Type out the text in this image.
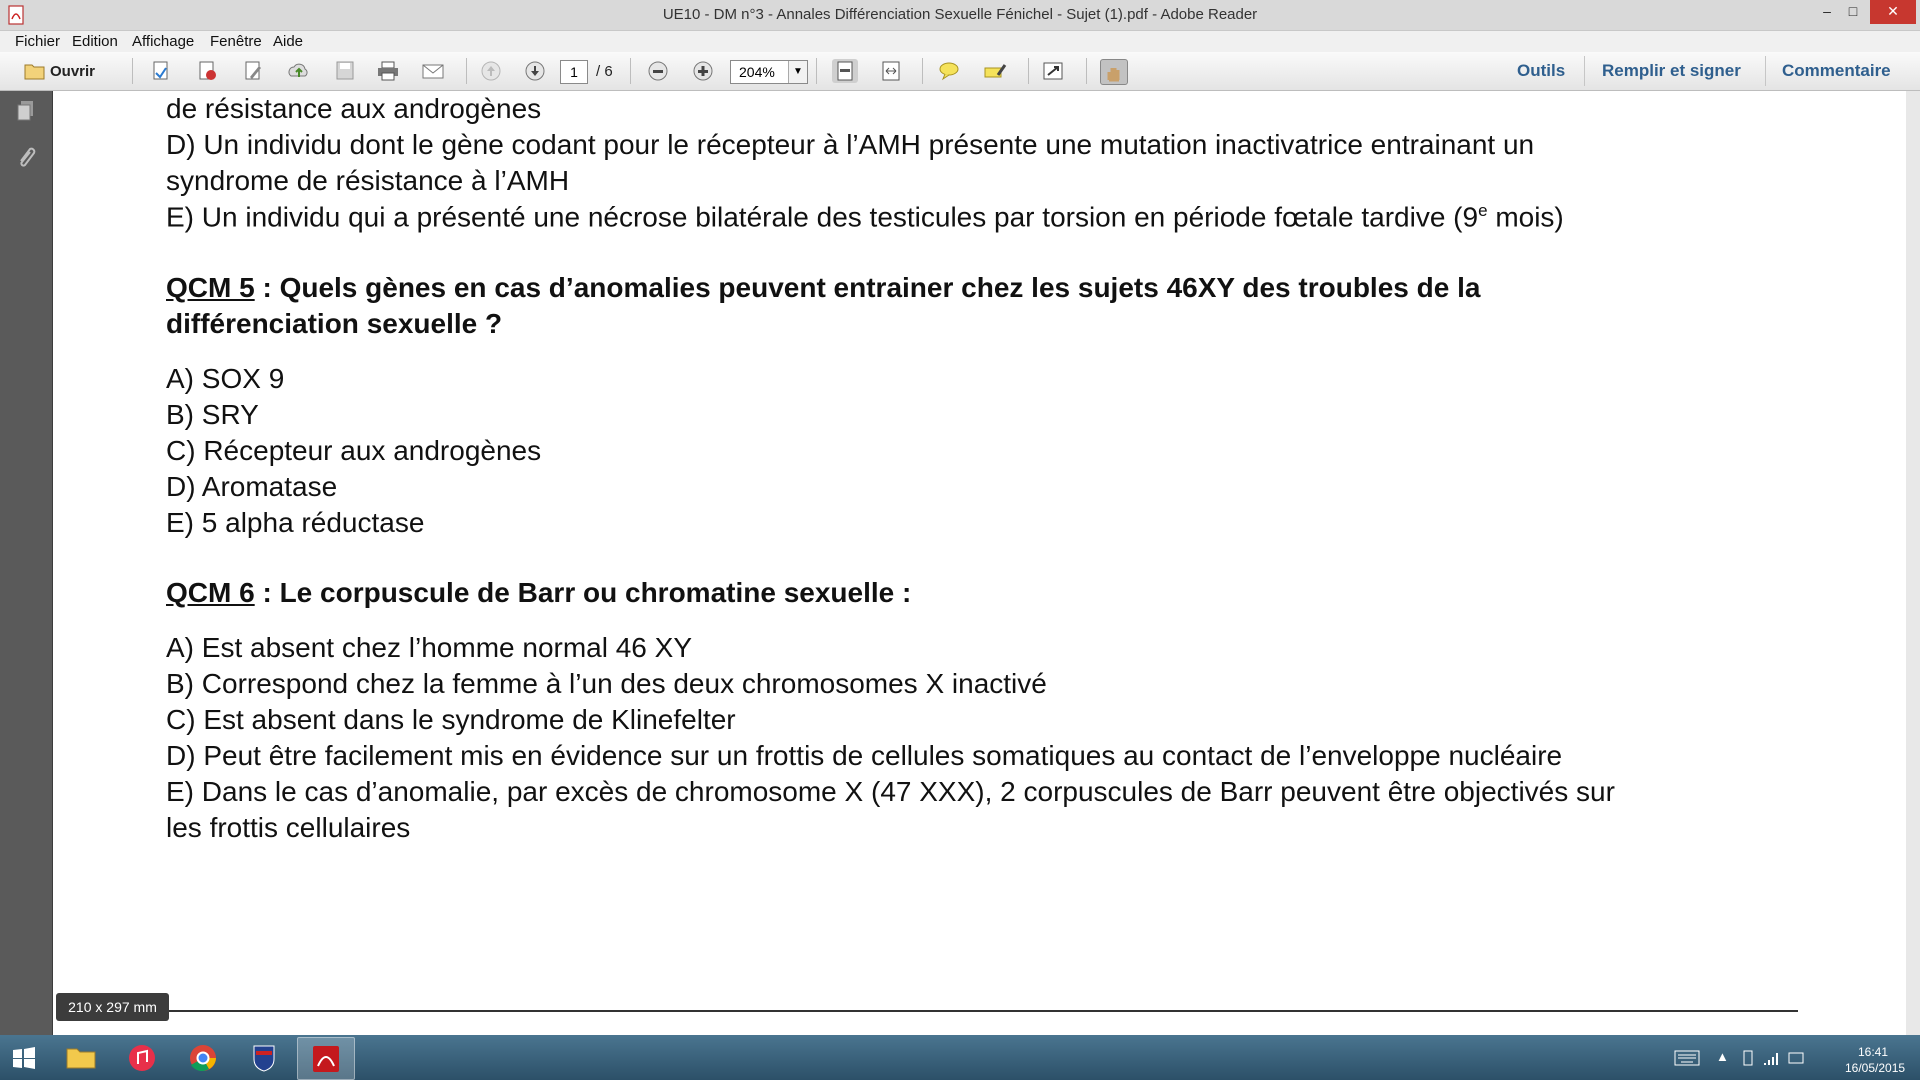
UE10 - DM n°3 - Annales Différenciation Sexuelle Fénichel - Sujet (1).pdf - Adobe Reader	–	□	✕
Fichier Edition Affichage Fenêtre Aide
Ouvrir	1	/ 6	204%	▼	Outils Remplir et signer Commentaire
de résistance aux androgènes
D) Un individu dont le gène codant pour le récepteur à l’AMH présente une mutation inactivatrice entrainant un
syndrome de résistance à l’AMH
E) Un individu qui a présenté une nécrose bilatérale des testicules par torsion en période fœtale tardive (9e mois)
QCM 5 : Quels gènes en cas d’anomalies peuvent entrainer chez les sujets 46XY des troubles de la
différenciation sexuelle ?
A) SOX 9
B) SRY
C) Récepteur aux androgènes
D) Aromatase
E) 5 alpha réductase
QCM 6 : Le corpuscule de Barr ou chromatine sexuelle :
A) Est absent chez l’homme normal 46 XY
B) Correspond chez la femme à l’un des deux chromosomes X inactivé
C) Est absent dans le syndrome de Klinefelter
D) Peut être facilement mis en évidence sur un frottis de cellules somatiques au contact de l’enveloppe nucléaire
E) Dans le cas d’anomalie, par excès de chromosome X (47 XXX), 2 corpuscules de Barr peuvent être objectivés sur
les frottis cellulaires
210 x 297 mm
▲	16:41
16/05/2015
